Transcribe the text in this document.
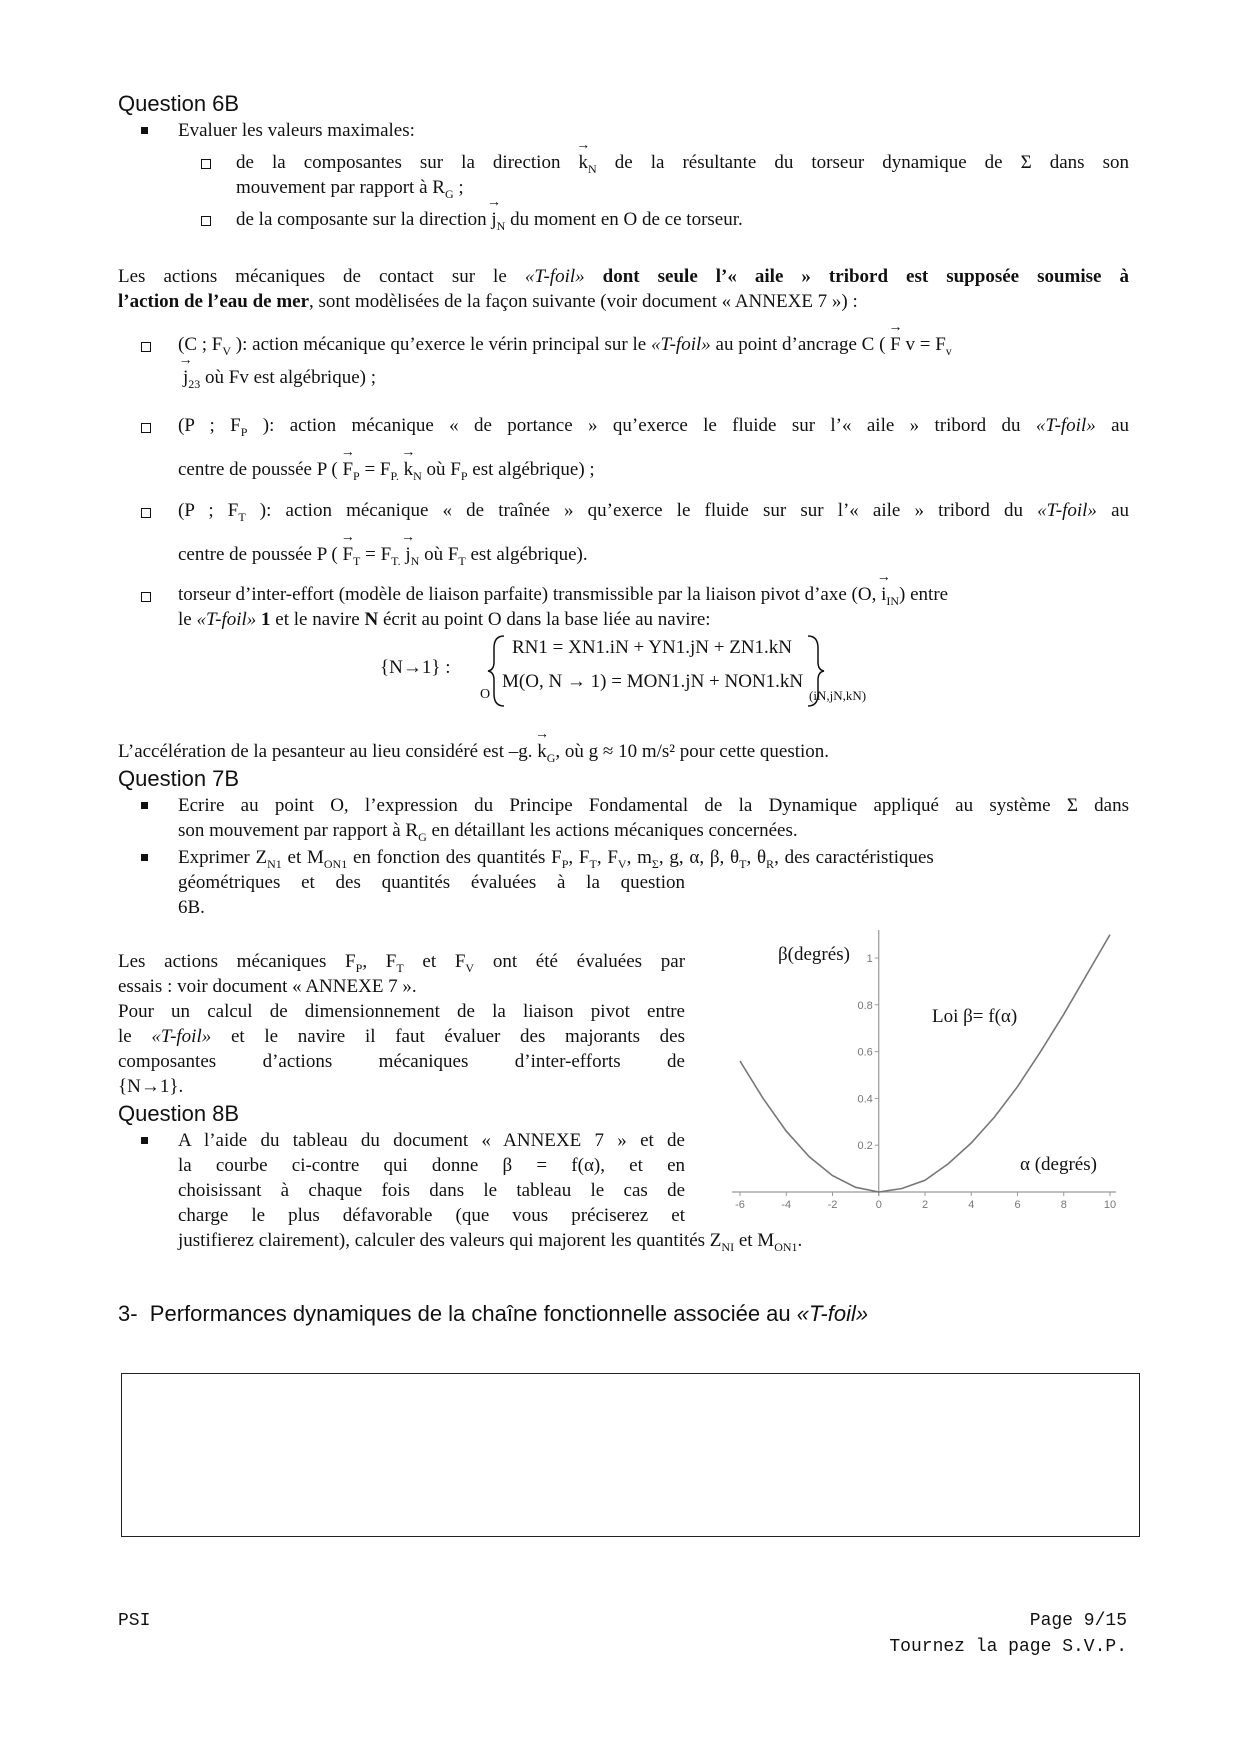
Question 6B
Evaluer les valeurs maximales:
de la composantes sur la direction → $k_N$ de la résultante du torseur dynamique de Σ dans son
mouvement par rapport à $R_G$ ;
de la composante sur la direction → $j_N$ du moment en O de ce torseur.
Les actions mécaniques de contact sur le «T-foil» dont seule l’« aile » tribord est supposée soumise à
l’action de l’eau de mer, sont modèlisées de la façon suivante (voir document « ANNEXE 7 ») :
(C ; $F_V$ ): action mécanique qu’exerce le vérin principal sur le «T-foil» au point d’ancrage C ( → F $v = F_v$
→ $j_{23}$ où Fv est algébrique) ;
(P ; $F_P$ ): action mécanique « de portance » qu’exerce le fluide sur l’« aile » tribord du «T-foil» au
centre de poussée P ( → $F_P = F_{P.} \to k_N$ où $F_P$ est algébrique) ;
(P ; $F_T$ ): action mécanique « de traînée » qu’exerce le fluide sur sur l’« aile » tribord du «T-foil» au
centre de poussée P ( → $F_T = F_{T.} \to j_N$ où $F_T$ est algébrique).
torseur d’inter-effort (modèle de liaison parfaite) transmissible par la liaison pivot d’axe (O, → $i_{IN}$) entre
le «T-foil» 1 et le navire N écrit au point O dans la base liée au navire:
{N→1} :
O
RN1 = XN1.iN + YN1.jN + ZN1.kN
M(O, N → 1) = MON1.jN + NON1.kN
(iN,jN,kN)
L’accélération de la pesanteur au lieu considéré est –g. → $k_G$, où g ≈ 10 m/s² pour cette question.
Question 7B
Ecrire au point O, l’expression du Principe Fondamental de la Dynamique appliqué au système Σ dans
son mouvement par rapport à $R_G$ en détaillant les actions mécaniques concernées.
Exprimer $Z_{N1}$ et $M_{ON1}$ en fonction des quantités $F_P$, $F_T$, $F_V$, $m_\Sigma$, g, α, β, $\theta_T$, $\theta_R$, des caractéristiques
géométriques et des quantités évaluées à la question
6B.
Les actions mécaniques $F_P$, $F_T$ et $F_V$ ont été évaluées par
essais : voir document « ANNEXE 7 ».
Pour un calcul de dimensionnement de la liaison pivot entre
le «T-foil» et le navire il faut évaluer des majorants des
composantes d’actions mécaniques d’inter-efforts de
{N→1}.
Question 8B
A l’aide du tableau du document « ANNEXE 7 » et de
la courbe ci-contre qui donne β = f(α), et en
choisissant à chaque fois dans le tableau le cas de
charge le plus défavorable (que vous préciserez et
justifierez clairement), calculer des valeurs qui majorent les quantités $Z_{NI}$ et $M_{ON1}$.
-6	-4	-2	0	2	4	6	8	10
0.2
0.4
0.6
0.8
1
β(degrés)
Loi β= f(α)
α (degrés)
3- Performances dynamiques de la chaîne fonctionnelle associée au «T-foil»

PSI	Page 9/15
Tournez la page S.V.P.
